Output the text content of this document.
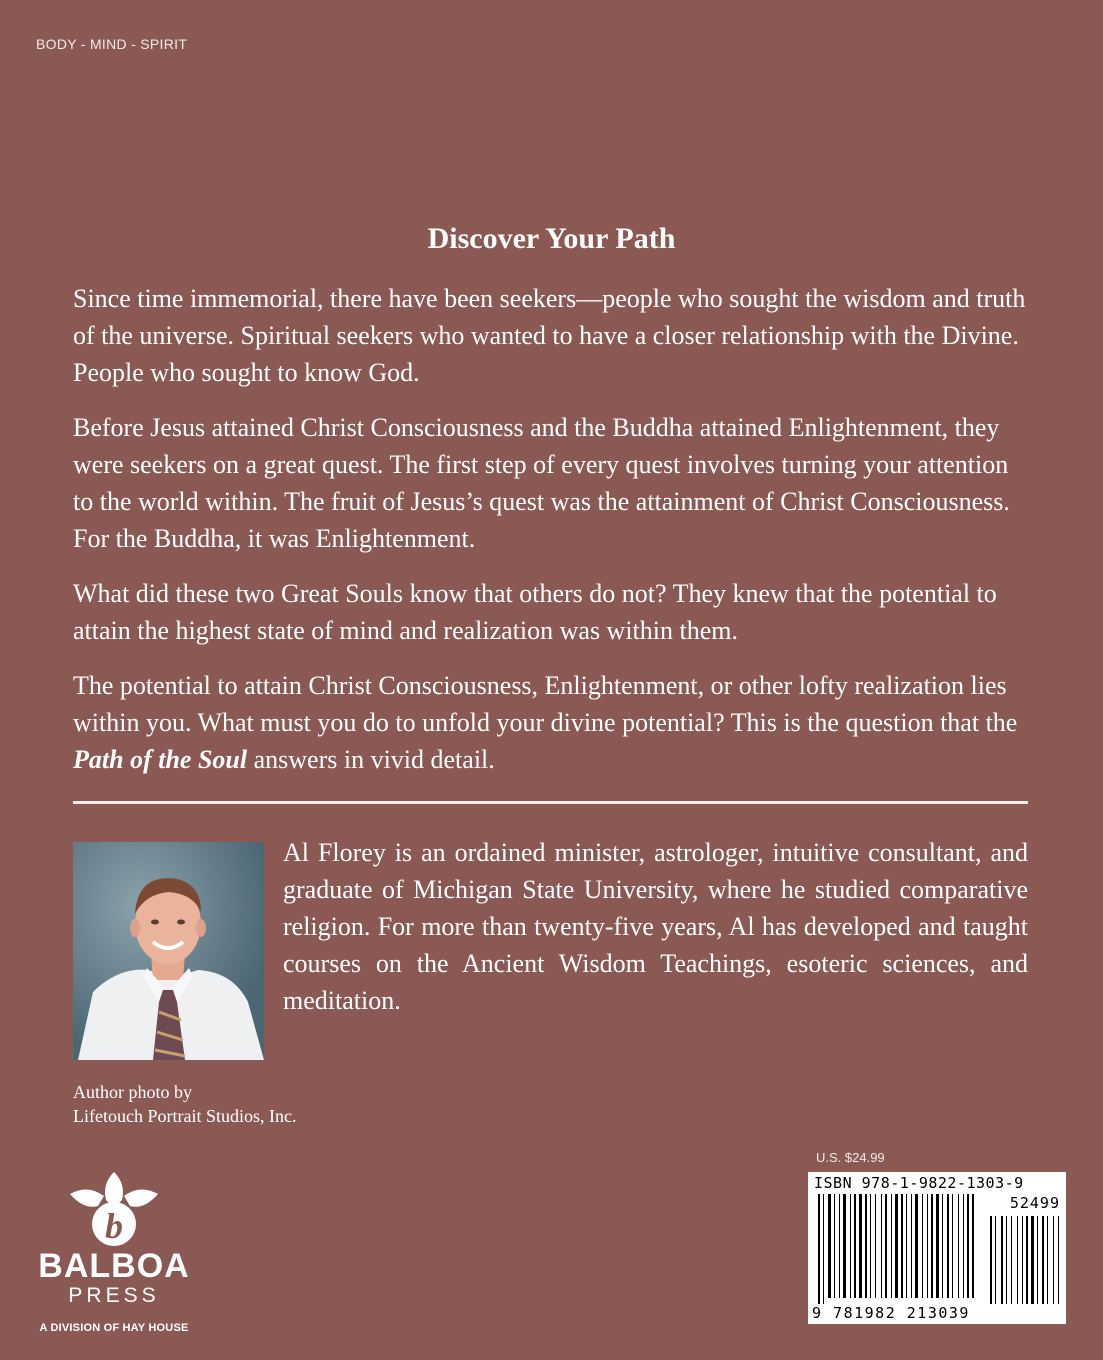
BODY - MIND - SPIRIT
Discover Your Path

Since time immemorial, there have been seekers—people who sought the wisdom and truth of the universe. Spiritual seekers who wanted to have a closer relationship with the Divine. People who sought to know God.

Before Jesus attained Christ Consciousness and the Buddha attained Enlightenment, they were seekers on a great quest. The first step of every quest involves turning your attention to the world within. The fruit of Jesus’s quest was the attainment of Christ Consciousness. For the Buddha, it was Enlightenment.

What did these two Great Souls know that others do not? They knew that the potential to attain the highest state of mind and realization was within them.

The potential to attain Christ Consciousness, Enlightenment, or other lofty realization lies within you. What must you do to unfold your divine potential? This is the question that the Path of the Soul answers in vivid detail.

Al Florey is an ordained minister, astrologer, intuitive consultant, and graduate of Michigan State University, where he studied comparative religion. For more than twenty-five years, Al has developed and taught courses on the Ancient Wisdom Teachings, esoteric sciences, and meditation.
Author photo by
Lifetouch Portrait Studios, Inc.
b
BALBOA
PRESS
A DIVISION OF HAY HOUSE
U.S. $24.99
ISBN 978-1-9822-1303-9
52499
9 781982 213039
